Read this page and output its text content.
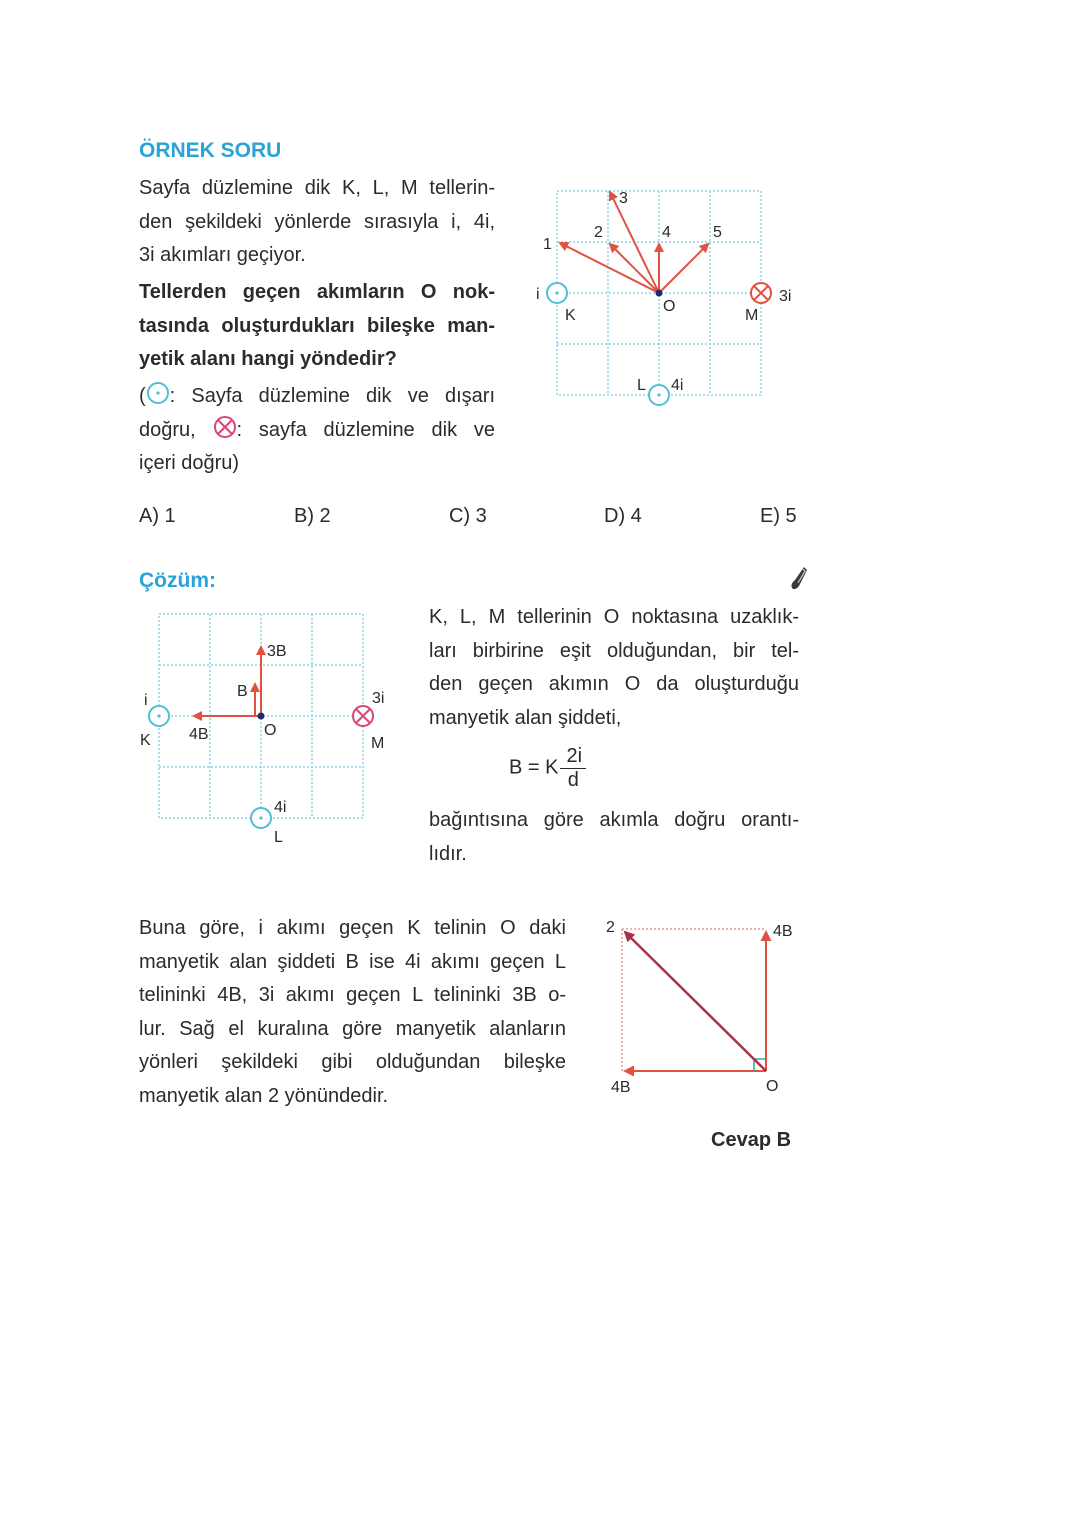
ÖRNEK SORU
Sayfa düzlemine dik K, L, M tellerin-
den şekildeki yönlerde sırasıyla i, 4i,
3i akımları geçiyor.
Tellerden geçen akımların O nok-
tasında oluşturdukları bileşke man-
yetik alanı hangi yöndedir?
( : Sayfa düzlemine dik ve dışarı
doğru, : sayfa düzlemine dik ve
içeri doğru)
1
2
3
4	5
O
i
K
3i
M
L 4i
A) 1	B) 2	C) 3	D) 4	E) 5
Çözüm:
3B
B
4B	O
i
K
3i
M
4i
L
K, L, M tellerinin O noktasına uzaklık-
ları birbirine eşit olduğundan, bir tel-
den geçen akımın O da oluşturduğu
manyetik alan şiddeti,
B = K $\frac{2i}{d}$
bağıntısına göre akımla doğru orantı-
lıdır.
Buna göre, i akımı geçen K telinin O daki
manyetik alan şiddeti B ise 4i akımı geçen L
telininki 4B, 3i akımı geçen L telininki 3B o-
lur. Sağ el kuralına göre manyetik alanların
yönleri şekildeki gibi olduğundan bileşke
manyetik alan 2 yönündedir.
2	4B
4B	O
Cevap B
